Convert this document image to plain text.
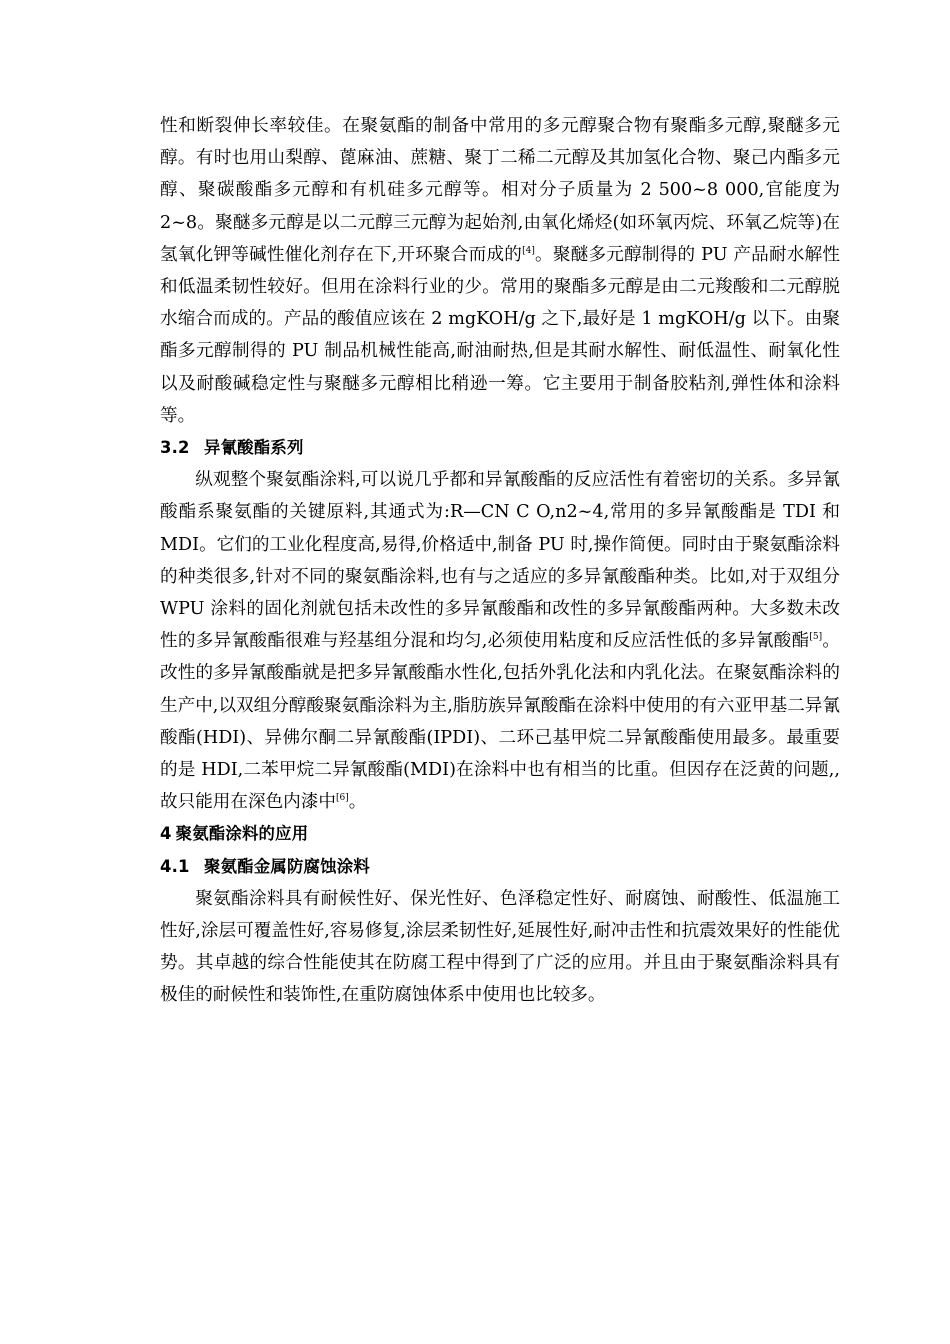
性和断裂伸长率较佳。在聚氨酯的制备中常用的多元醇聚合物有聚酯多元醇,聚醚多元醇。有时也用山梨醇、蓖麻油、蔗糖、聚丁二稀二元醇及其加氢化合物、聚己内酯多元醇、聚碳酸酯多元醇和有机硅多元醇等。相对分子质量为 2 500~8 000,官能度为 2~8。聚醚多元醇是以二元醇三元醇为起始剂,由氧化烯烃(如环氧丙烷、环氧乙烷等)在氢氧化钾等碱性催化剂存在下,开环聚合而成的[4]。聚醚多元醇制得的 PU 产品耐水解性和低温柔韧性较好。但用在涂料行业的少。常用的聚酯多元醇是由二元羧酸和二元醇脱水缩合而成的。产品的酸值应该在 2 mgKOH/g 之下,最好是 1 mgKOH/g 以下。由聚酯多元醇制得的 PU 制品机械性能高,耐油耐热,但是其耐水解性、耐低温性、耐氧化性以及耐酸碱稳定性与聚醚多元醇相比稍逊一筹。它主要用于制备胶粘剂,弹性体和涂料等。

3.2 异氰酸酯系列

纵观整个聚氨酯涂料,可以说几乎都和异氰酸酯的反应活性有着密切的关系。多异氰酸酯系聚氨酯的关键原料,其通式为:R—CN C O,n2~4,常用的多异氰酸酯是 TDI 和 MDI。它们的工业化程度高,易得,价格适中,制备 PU 时,操作简便。同时由于聚氨酯涂料的种类很多,针对不同的聚氨酯涂料,也有与之适应的多异氰酸酯种类。比如,对于双组分 WPU 涂料的固化剂就包括未改性的多异氰酸酯和改性的多异氰酸酯两种。大多数未改性的多异氰酸酯很难与羟基组分混和均匀,必须使用粘度和反应活性低的多异氰酸酯[5]。改性的多异氰酸酯就是把多异氰酸酯水性化,包括外乳化法和内乳化法。在聚氨酯涂料的生产中,以双组分醇酸聚氨酯涂料为主,脂肪族异氰酸酯在涂料中使用的有六亚甲基二异氰酸酯(HDI)、异佛尔酮二异氰酸酯(IPDI)、二环己基甲烷二异氰酸酯使用最多。最重要的是 HDI,二苯甲烷二异氰酸酯(MDI)在涂料中也有相当的比重。但因存在泛黄的问题,,故只能用在深色内漆中[6]。

4 聚氨酯涂料的应用

4.1 聚氨酯金属防腐蚀涂料

聚氨酯涂料具有耐候性好、保光性好、色泽稳定性好、耐腐蚀、耐酸性、低温施工性好,涂层可覆盖性好,容易修复,涂层柔韧性好,延展性好,耐冲击性和抗震效果好的性能优势。其卓越的综合性能使其在防腐工程中得到了广泛的应用。并且由于聚氨酯涂料具有极佳的耐候性和装饰性,在重防腐蚀体系中使用也比较多。
